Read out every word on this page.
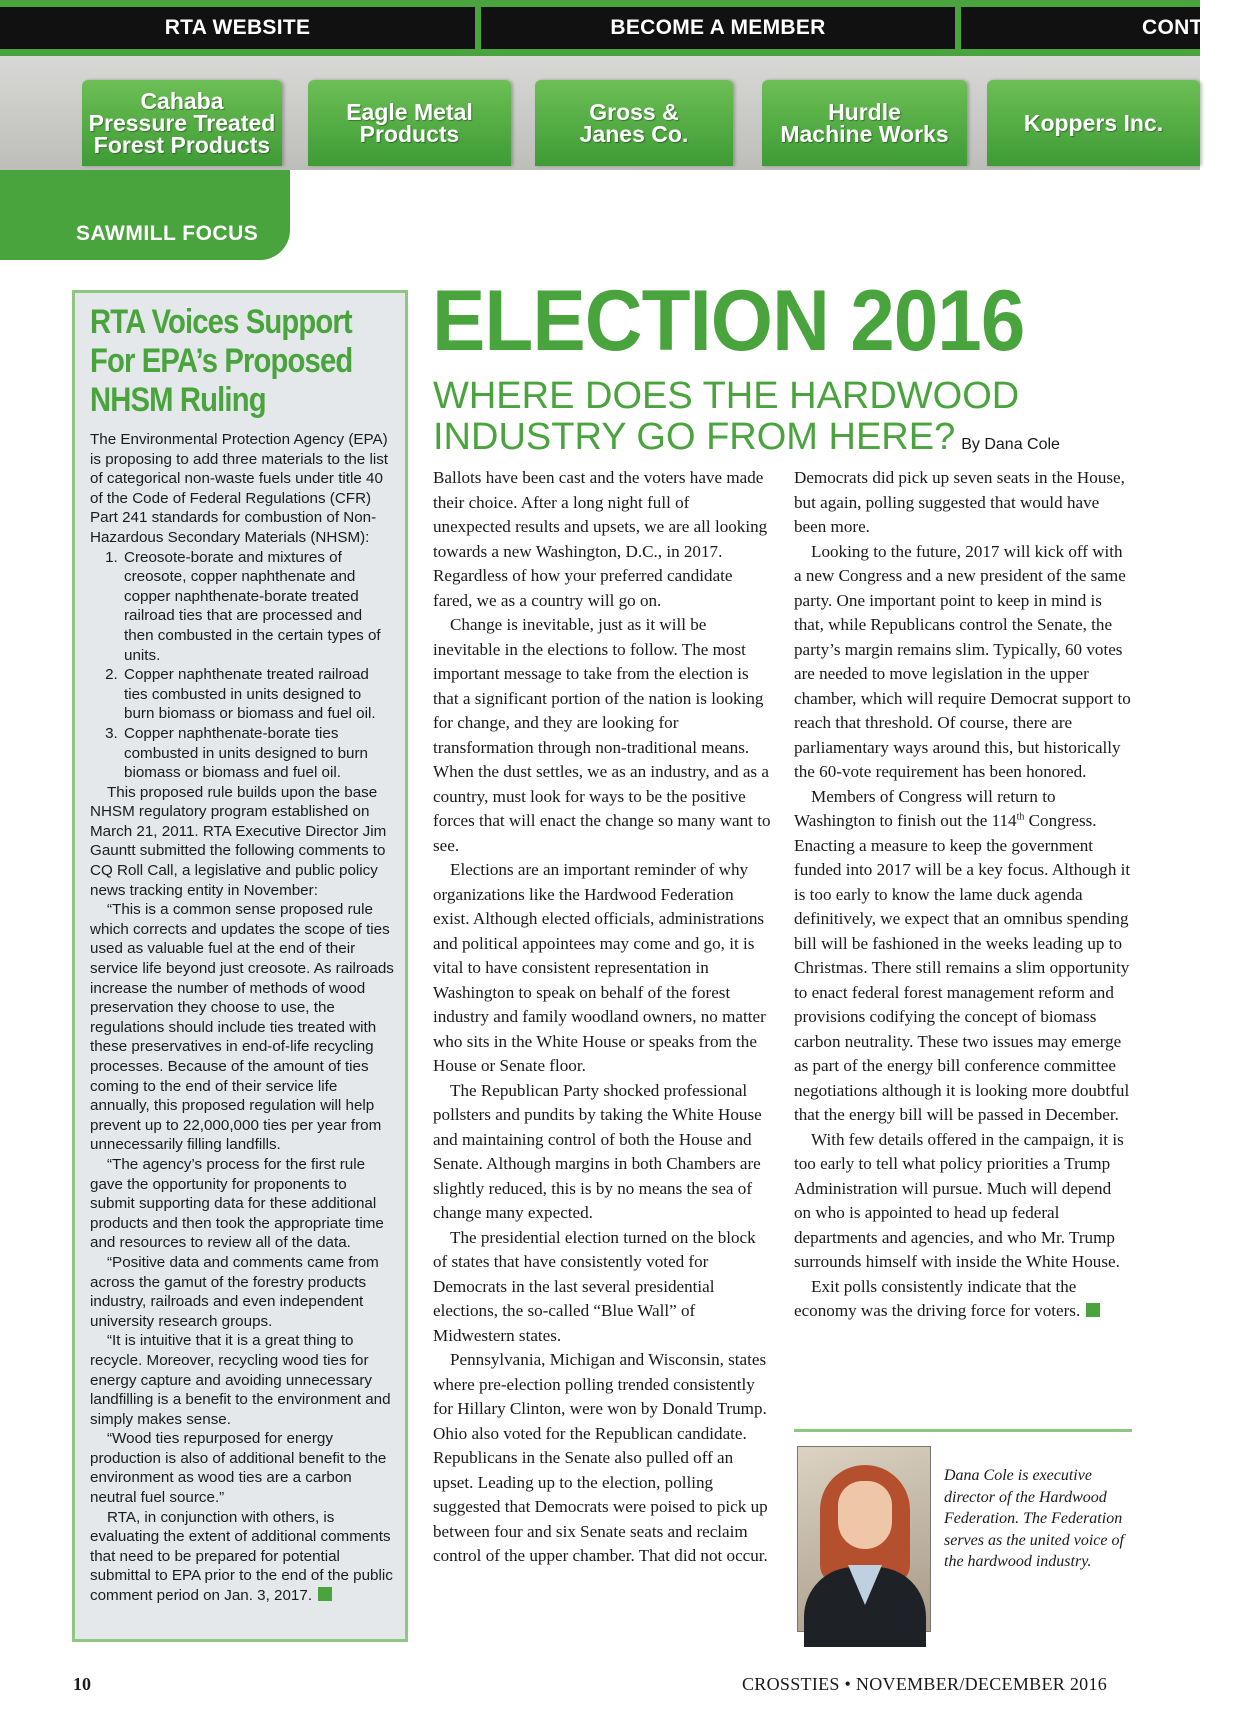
RTA WEBSITE	BECOME A MEMBER	CONTA
Cahaba
Pressure Treated
Forest Products
Eagle Metal
Products
Gross &
Janes Co.
Hurdle
Machine Works	Koppers Inc.
SAWMILL FOCUS
RTA Voices Support
For EPA’s Proposed
NHSM Ruling

The Environmental Protection Agency (EPA) is proposing to add three materials to the list of categorical non-waste fuels under title 40 of the Code of Federal Regulations (CFR) Part 241 standards for combustion of Non-Hazardous Secondary Materials (NHSM):

1. Creosote-borate and mixtures of creosote, copper naphthenate and copper naphthenate-borate treated railroad ties that are processed and then combusted in the certain types of units.
2. Copper naphthenate treated railroad ties combusted in units designed to burn biomass or biomass and fuel oil.
3. Copper naphthenate-borate ties combusted in units designed to burn biomass or biomass and fuel oil.

This proposed rule builds upon the base NHSM regulatory program established on March 21, 2011. RTA Executive Director Jim Gauntt submitted the following comments to CQ Roll Call, a legislative and public policy news tracking entity in November:

“This is a common sense proposed rule which corrects and updates the scope of ties used as valuable fuel at the end of their service life beyond just creosote. As railroads increase the number of methods of wood preservation they choose to use, the regulations should include ties treated with these preservatives in end-of-life recycling processes. Because of the amount of ties coming to the end of their service life annually, this proposed regulation will help prevent up to 22,000,000 ties per year from unnecessarily filling landfills.

“The agency’s process for the first rule gave the opportunity for proponents to submit supporting data for these additional products and then took the appropriate time and resources to review all of the data.

“Positive data and comments came from across the gamut of the forestry products industry, railroads and even independent university research groups.

“It is intuitive that it is a great thing to recycle. Moreover, recycling wood ties for energy capture and avoiding unnecessary landfilling is a benefit to the environment and simply makes sense.

“Wood ties repurposed for energy production is also of additional benefit to the environment as wood ties are a carbon neutral fuel source.”

RTA, in conjunction with others, is evaluating the extent of additional comments that need to be prepared for potential submittal to EPA prior to the end of the public comment period on Jan. 3, 2017.

ELECTION 2016
WHERE DOES THE HARDWOOD
INDUSTRY GO FROM HERE? By Dana Cole

Ballots have been cast and the voters have made their choice. After a long night full of unexpected results and upsets, we are all looking towards a new Washington, D.C., in 2017. Regardless of how your preferred candidate fared, we as a country will go on.

Change is inevitable, just as it will be inevitable in the elections to follow. The most important message to take from the election is that a significant portion of the nation is looking for change, and they are looking for transformation through non-traditional means. When the dust settles, we as an industry, and as a country, must look for ways to be the positive forces that will enact the change so many want to see.

Elections are an important reminder of why organizations like the Hardwood Federation exist. Although elected officials, administrations and political appointees may come and go, it is vital to have consistent representation in Washington to speak on behalf of the forest industry and family woodland owners, no matter who sits in the White House or speaks from the House or Senate floor.

The Republican Party shocked professional pollsters and pundits by taking the White House and maintaining control of both the House and Senate. Although margins in both Chambers are slightly reduced, this is by no means the sea of change many expected.

The presidential election turned on the block of states that have consistently voted for Democrats in the last several presidential elections, the so-called “Blue Wall” of Midwestern states.

Pennsylvania, Michigan and Wisconsin, states where pre-election polling trended consistently for Hillary Clinton, were won by Donald Trump. Ohio also voted for the Republican candidate. Republicans in the Senate also pulled off an upset. Leading up to the election, polling suggested that Democrats were poised to pick up between four and six Senate seats and reclaim control of the upper chamber. That did not occur.

Democrats did pick up seven seats in the House, but again, polling suggested that would have been more.

Looking to the future, 2017 will kick off with a new Congress and a new president of the same party. One important point to keep in mind is that, while Republicans control the Senate, the party’s margin remains slim. Typically, 60 votes are needed to move legislation in the upper chamber, which will require Democrat support to reach that threshold. Of course, there are parliamentary ways around this, but historically the 60-vote requirement has been honored.

Members of Congress will return to Washington to finish out the 114th Congress. Enacting a measure to keep the government funded into 2017 will be a key focus. Although it is too early to know the lame duck agenda definitively, we expect that an omnibus spending bill will be fashioned in the weeks leading up to Christmas. There still remains a slim opportunity to enact federal forest management reform and provisions codifying the concept of biomass carbon neutrality. These two issues may emerge as part of the energy bill conference committee negotiations although it is looking more doubtful that the energy bill will be passed in December.

With few details offered in the campaign, it is too early to tell what policy priorities a Trump Administration will pursue. Much will depend on who is appointed to head up federal departments and agencies, and who Mr. Trump surrounds himself with inside the White House.

Exit polls consistently indicate that the economy was the driving force for voters.

Dana Cole is executive director of the Hardwood Federation. The Federation serves as the united voice of the hardwood industry.

10	CROSSTIES • NOVEMBER/DECEMBER 2016
